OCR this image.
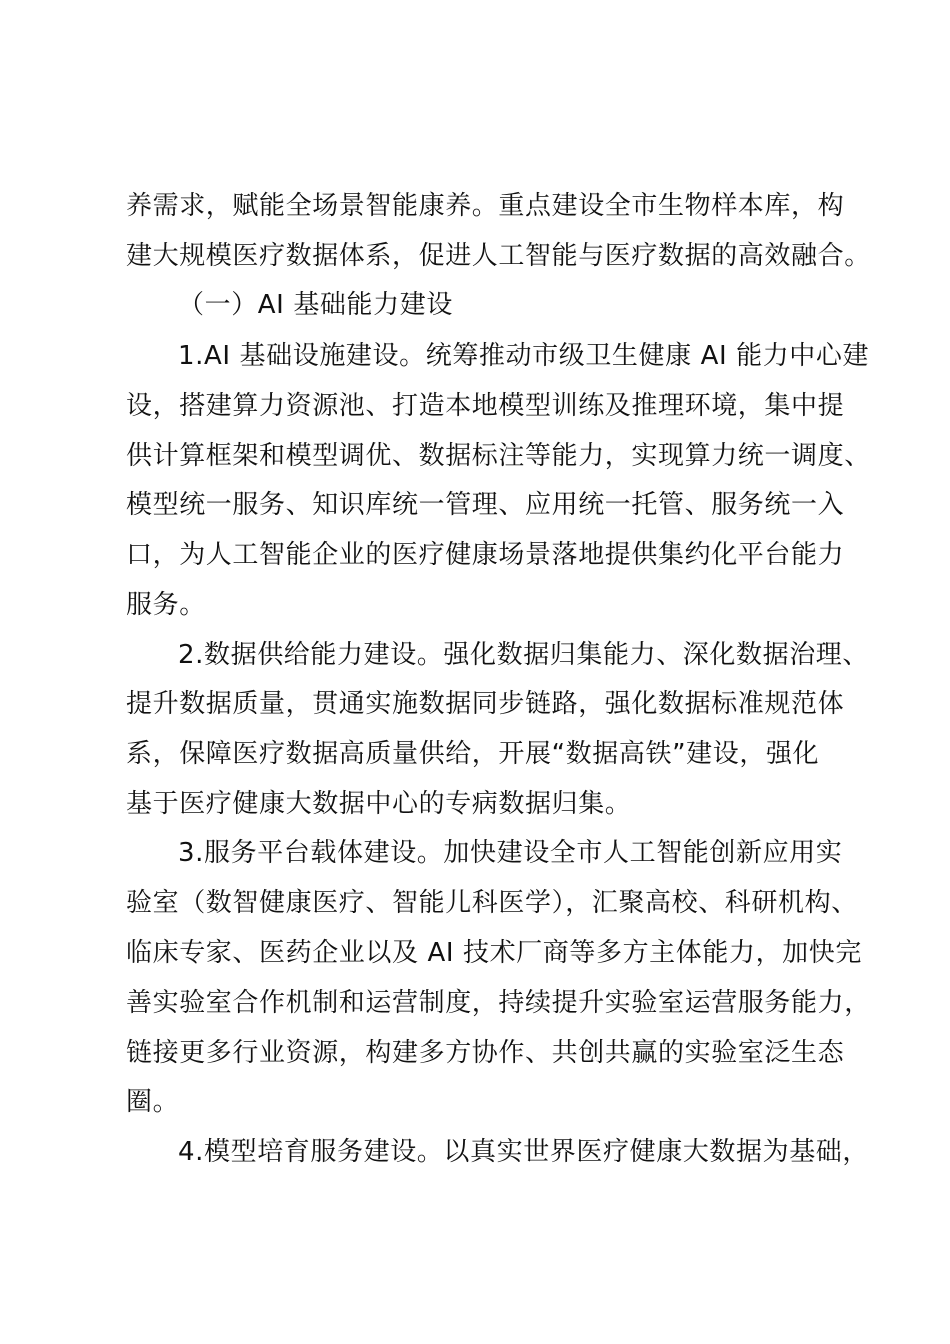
养需求，赋能全场景智能康养。重点建设全市生物样本库，构
建大规模医疗数据体系，促进人工智能与医疗数据的高效融合。
（一）AI 基础能力建设
1.AI 基础设施建设。统筹推动市级卫生健康 AI 能力中心建
设，搭建算力资源池、打造本地模型训练及推理环境，集中提
供计算框架和模型调优、数据标注等能力，实现算力统一调度、
模型统一服务、知识库统一管理、应用统一托管、服务统一入
口，为人工智能企业的医疗健康场景落地提供集约化平台能力
服务。
2.数据供给能力建设。强化数据归集能力、深化数据治理、
提升数据质量，贯通实施数据同步链路，强化数据标准规范体
系，保障医疗数据高质量供给，开展“数据高铁”建设，强化
基于医疗健康大数据中心的专病数据归集。
3.服务平台载体建设。加快建设全市人工智能创新应用实
验室（数智健康医疗、智能儿科医学），汇聚高校、科研机构、
临床专家、医药企业以及 AI 技术厂商等多方主体能力，加快完
善实验室合作机制和运营制度，持续提升实验室运营服务能力，
链接更多行业资源，构建多方协作、共创共赢的实验室泛生态
圈。
4.模型培育服务建设。以真实世界医疗健康大数据为基础，
